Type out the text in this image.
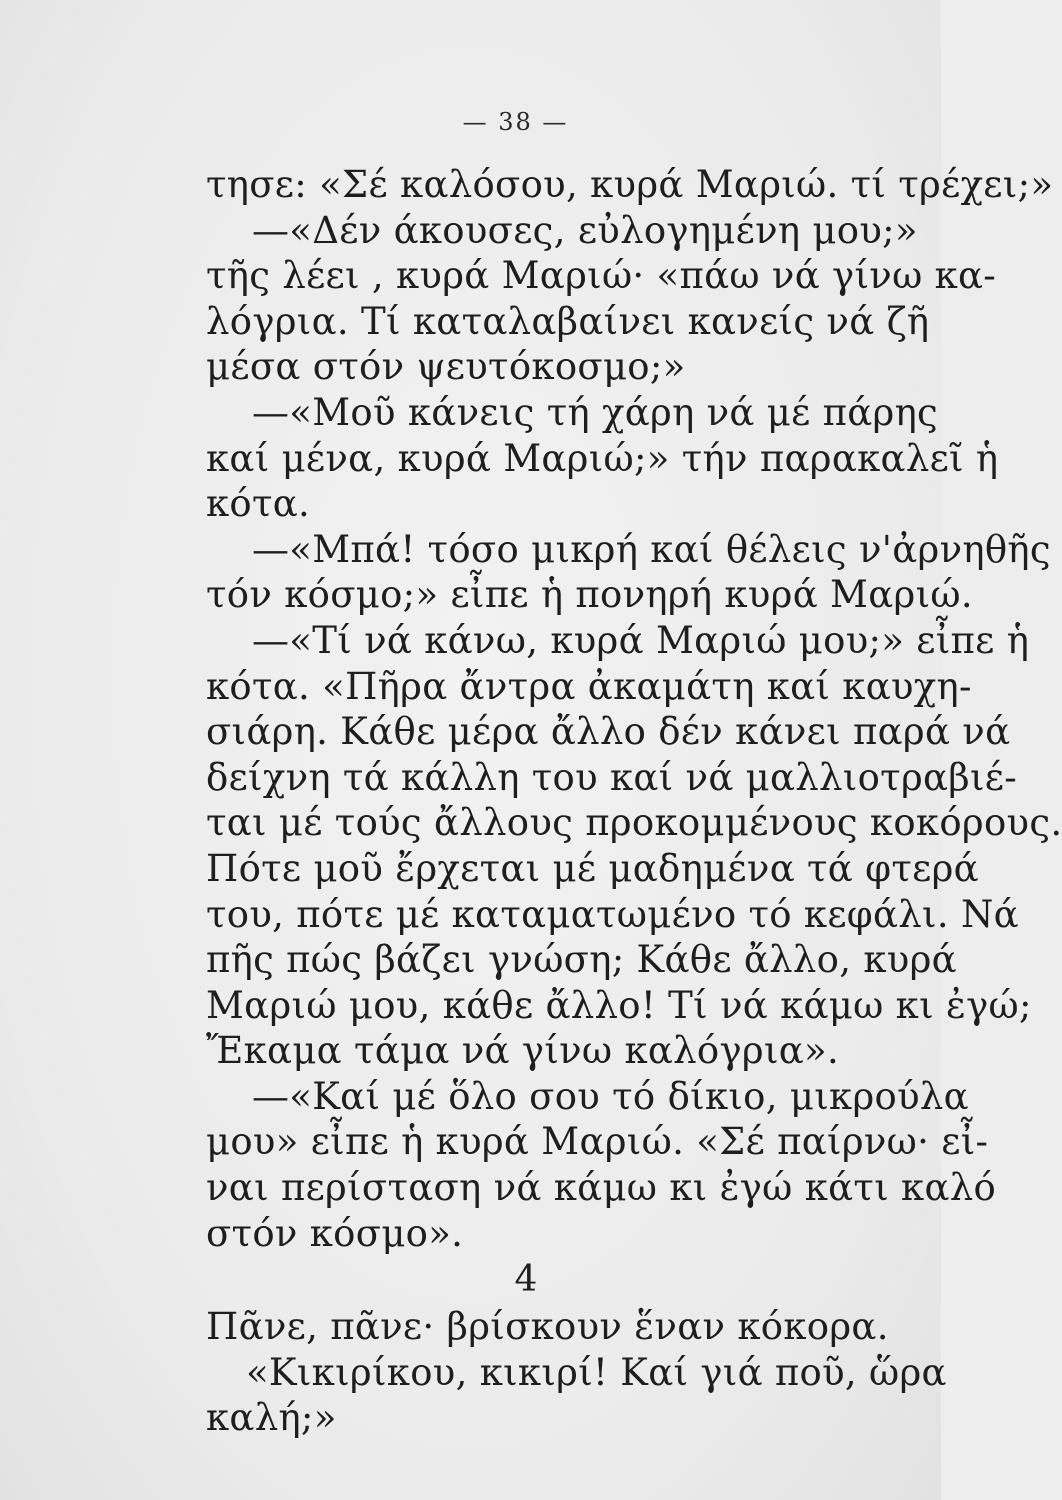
— 38 —
τησε: «Σέ καλόσου, κυρά Μαριώ. τί τρέχει;»
—«Δέν άκουσες, εὐλογημένη μου;»
τῆς λέει , κυρά Μαριώ· «πάω νά γίνω κα-
λόγρια. Τί καταλαβαίνει κανείς νά ζῆ
μέσα στόν ψευτόκοσμο;»
—«Μοῦ κάνεις τή χάρη νά μέ πάρης
καί μένα, κυρά Μαριώ;» τήν παρακαλεῖ ἡ
κότα.
—«Μπά! τόσο μικρή καί θέλεις ν'ἀρνηθῆς
τόν κόσμο;» εἶπε ἡ πονηρή κυρά Μαριώ.
—«Τί νά κάνω, κυρά Μαριώ μου;» εἶπε ἡ
κότα. «Πῆρα ἄντρα ἀκαμάτη καί καυχη-
σιάρη. Κάθε μέρα ἄλλο δέν κάνει παρά νά
δείχνη τά κάλλη του καί νά μαλλιοτραβιέ-
ται μέ τούς ἄλλους προκομμένους κοκόρους.
Πότε μοῦ ἔρχεται μέ μαδημένα τά φτερά
του, πότε μέ καταματωμένο τό κεφάλι. Νά
πῆς πώς βάζει γνώση; Κάθε ἄλλο, κυρά
Μαριώ μου, κάθε ἄλλο! Τί νά κάμω κι ἐγώ;
Ἔκαμα τάμα νά γίνω καλόγρια».
—«Καί μέ ὅλο σου τό δίκιο, μικρούλα
μου» εἶπε ἡ κυρά Μαριώ. «Σέ παίρνω· εἶ-
ναι περίσταση νά κάμω κι ἐγώ κάτι καλό
στόν κόσμο».
4
Πᾶνε, πᾶνε· βρίσκουν ἕναν κόκορα.
«Κικιρίκου, κικιρί! Καί γιά ποῦ, ὥρα
καλή;»
